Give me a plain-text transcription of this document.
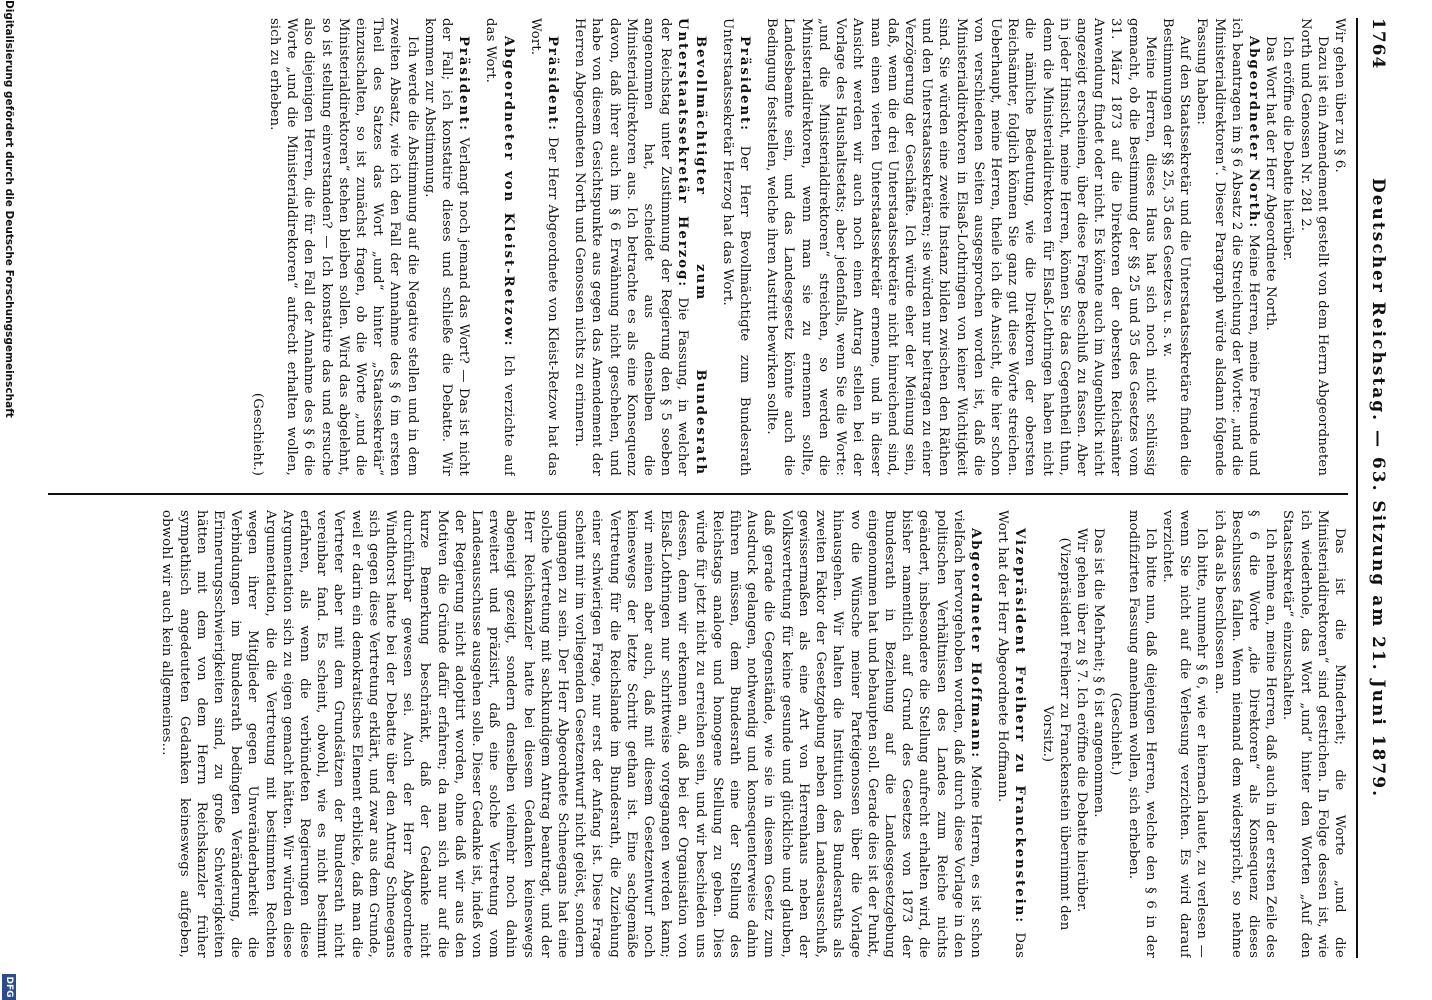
1764
Deutscher Reichstag. — 63. Sitzung am 21. Juni 1879.

Wir gehen über zu § 6.

Dazu ist ein Amendement gestellt von dem Herrn Abgeordneten North und Genossen Nr. 281 2.

Ich eröffne die Debatte hierüber.

Das Wort hat der Herr Abgeordnete North.

Abgeordneter North: Meine Herren, meine Freunde und ich beantragen im § 6 Absatz 2 die Streichung der Worte: „und die Ministerialdirektoren“. Dieser Paragraph würde alsdann folgende Fassung haben:

Auf den Staatssekretär und die Unterstaatssekretäre finden die Bestimmungen der §§ 25, 35 des Gesetzes u. s. w.

Meine Herren, dieses Haus hat sich noch nicht schlüssig gemacht, ob die Bestimmung der §§ 25 und 35 des Gesetzes vom 31. März 1873 auf die Direktoren der obersten Reichsämter Anwendung findet oder nicht. Es könnte auch im Augenblick nicht angezeigt erscheinen, über diese Frage Beschluß zu fassen. Aber in jeder Hinsicht, meine Herren, können Sie das Gegentheil thun, denn die Ministerialdirektoren für Elsaß-Lothringen haben nicht die nämliche Bedeutung, wie die Direktoren der obersten Reichsämter, folglich können Sie ganz gut diese Worte streichen. Ueberhaupt, meine Herren, theile ich die Ansicht, die hier schon von verschiedenen Seiten ausgesprochen worden ist, daß die Ministerialdirektoren in Elsaß-Lothringen von keiner Wichtigkeit sind. Sie würden eine zweite Instanz bilden zwischen den Räthen und den Unterstaatssekretären; sie würden nur beitragen zu einer Verzögerung der Geschäfte. Ich würde eher der Meinung sein, daß, wenn die drei Unterstaatssekretäre nicht hinreichend sind, man einen vierten Unterstaatssekretär ernenne, und in dieser Ansicht werden wir auch noch einen Antrag stellen bei der Vorlage des Haushaltsetats; aber jedenfalls, wenn Sie die Worte: „und die Ministerialdirektoren“ streichen, so werden die Ministerialdirektoren, wenn man sie zu ernennen sollte, Landesbeamte sein, und das Landesgesetz könnte auch die Bedingung feststellen, welche ihren Austritt bewirken sollte.

Präsident: Der Herr Bevollmächtigte zum Bundesrath Unterstaatssekretär Herzog hat das Wort.

Bevollmächtigter zum Bundesrath Unterstaatssekretär Herzog: Die Fassung, in welcher der Reichstag unter Zustimmung der Regierung den § 5 soeben angenommen hat, scheidet aus denselben die Ministerialdirektoren aus. Ich betrachte es als eine Konsequenz davon, daß ihrer auch im § 6 Erwähnung nicht geschehen, und habe von diesem Gesichtspunkte aus gegen das Amendement der Herren Abgeordneten North und Genossen nichts zu erinnern.

Präsident: Der Herr Abgeordnete von Kleist-Retzow hat das Wort.

Abgeordneter von Kleist-Retzow: Ich verzichte auf das Wort.

Präsident: Verlangt noch jemand das Wort? — Das ist nicht der Fall; ich konstatire dieses und schließe die Debatte. Wir kommen zur Abstimmung.

Ich werde die Abstimmung auf die Negative stellen und in dem zweiten Absatz, wie ich den Fall der Annahme des § 6 im ersten Theil des Satzes das Wort „und“ hinter „Staatssekretär“ einzuschalten, so ist zunächst fragen, ob die Worte „und die Ministerialdirektoren“ stehen bleiben sollen. Wird das abgelehnt, so ist stellung einverstanden? — Ich konstatire das und ersuche also diejenigen Herren, die für den Fall der Annahme des § 6 die Worte „und die Ministerialdirektoren“ aufrecht erhalten wollen, sich zu erheben.

(Geschieht.)

Das ist die Minderheit; die Worte „und die Ministerialdirektoren“ sind gestrichen. In Folge dessen ist, wie ich wiederhole, das Wort „und“ hinter den Worten „Auf den Staatssekretär“ einzuschalten.

Ich nehme an, meine Herren, daß auch in der ersten Zeile des § 6 die Worte „die Direktoren“ als Konsequenz dieses Beschlusses fallen. Wenn niemand dem widerspricht, so nehme ich das als beschlossen an.

Ich bitte, nunmehr § 6, wie er hiernach lautet, zu verlesen — wenn Sie nicht auf die Verlesung verzichten. Es wird darauf verzichtet.

Ich bitte nun, daß diejenigen Herren, welche den § 6 in der modifizirten Fassung annehmen wollen, sich erheben.

(Geschieht.)

Das ist die Mehrheit; § 6 ist angenommen.

Wir gehen über zu § 7. Ich eröffne die Debatte hierüber.

(Vizepräsident Freiherr zu Franckenstein übernimmt den Vorsitz.)

Vizepräsident Freiherr zu Franckenstein: Das Wort hat der Herr Abgeordnete Hoffmann.

Abgeordneter Hoffmann: Meine Herren, es ist schon vielfach hervorgehoben worden, daß durch diese Vorlage in den politischen Verhältnissen des Landes zum Reiche nichts geändert, insbesondere die Stellung aufrecht erhalten wird, die bisher namentlich auf Grund des Gesetzes von 1873 der Bundesrath in Beziehung auf die Landesgesetzgebung eingenommen hat und behaupten soll. Gerade dies ist der Punkt, wo die Wünsche meiner Parteigenossen über die Vorlage hinausgehen. Wir halten die Institution des Bundesraths als zweiten Faktor der Gesetzgebung neben dem Landesausschuß, gewissermaßen als eine Art von Herrenhaus neben der Volksvertretung für keine gesunde und glückliche und glauben, daß gerade die Gegenstände, wie sie in diesem Gesetz zum Ausdruck gelangen, nothwendig und konsequenterweise dahin führen müssen, dem Bundesrath eine der Stellung des Reichstags analoge und homogene Stellung zu geben. Dies würde für jetzt nicht zu erreichen sein, und wir beschieden uns dessen, denn wir erkennen an, daß bei der Organisation von Elsaß-Lothringen nur schrittweise vorgegangen werden kann; wir meinen aber auch, daß mit diesem Gesetzentwurf noch keineswegs der letzte Schritt gethan ist. Eine sachgemäße Vertretung für die Reichslande im Bundesrath, die Zuziehung einer schwierigen Frage, nur erst der Anfang ist. Diese Frage scheint mir im vorliegenden Gesetzentwurf nicht gelöst, sondern umgangen zu sein. Der Herr Abgeordnete Schneegans hat eine solche Vertretung mit sachkundigem Antrag beantragt, und der Herr Reichskanzler hatte bei diesem Gedanken keineswegs abgeneigt gezeigt, sondern denselben vielmehr noch dahin erweitert und präzisirt, daß eine solche Vertretung vom Landesausschusse ausgehen solle. Dieser Gedanke ist, indeß von der Regierung nicht adoptirt worden, ohne daß wir aus den Motiven die Gründe dafür erfahren; da man sich nur auf die kurze Bemerkung beschränkt, daß der Gedanke nicht durchführbar gewesen sei. Auch der Herr Abgeordnete Windthorst hatte bei der Debatte über den Antrag Schneegans sich gegen diese Vertretung erklärt, und zwar aus dem Grunde, weil er darin ein demokratisches Element erblicke, daß man die Vertreter aber mit dem Grundsätzen der Bundesrath nicht vereinbar fand. Es scheint, obwohl, wie es nicht bestimmt erfahren, als wenn die verbündeten Regierungen diese Argumentation sich zu eigen gemacht hätten. Wir würden diese Argumentation, die die Vertretung mit bestimmten Rechten wegen ihrer Mitglieder gegen Unveränderbarkeit die Verbindungen im Bundesrath bedingten Veränderung, die Erinnerungsschwierigkeiten sind, zu große Schwierigkeiten hätten mit dem von dem Herrn Reichskanzler früher sympathisch angedeuteten Gedanken keineswegs aufgeben, obwohl wir auch kein allgemeines...

Digitalisierung gefördert durch die Deutsche Forschungsgemeinschaft
DFG
